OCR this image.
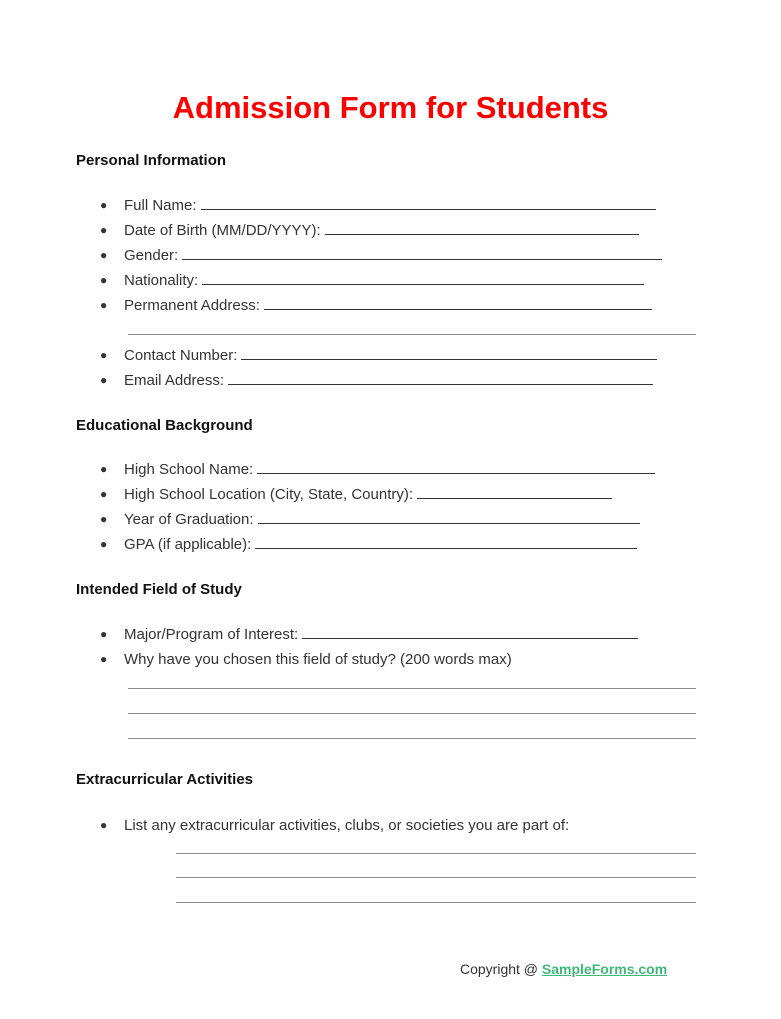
Admission Form for Students
Personal Information
● Full Name:
● Date of Birth (MM/DD/YYYY):
● Gender:
● Nationality:
● Permanent Address:
● Contact Number:
● Email Address:
Educational Background
● High School Name:
● High School Location (City, State, Country):
● Year of Graduation:
● GPA (if applicable):
Intended Field of Study
● Major/Program of Interest:
● Why have you chosen this field of study? (200 words max)
Extracurricular Activities
● List any extracurricular activities, clubs, or societies you are part of:
Copyright @ SampleForms.com
